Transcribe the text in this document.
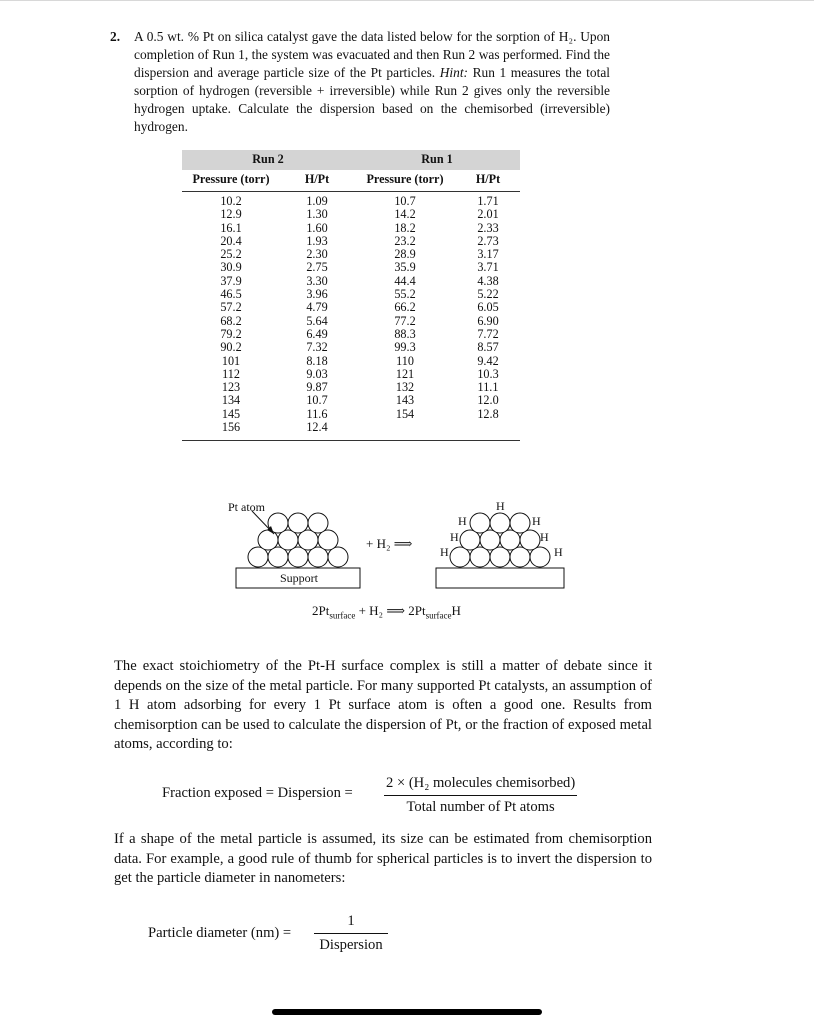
2. A 0.5 wt. % Pt on silica catalyst gave the data listed below for the sorption of H₂. Upon completion of Run 1, the system was evacuated and then Run 2 was performed. Find the dispersion and average particle size of the Pt particles. Hint: Run 1 measures the total sorption of hydrogen (reversible + irreversible) while Run 2 gives only the reversible hydrogen uptake. Calculate the dispersion based on the chemisorbed (irreversible) hydrogen.
Run 2		Run 1	
Pressure (torr)	H/Pt	Pressure (torr)	H/Pt
10.2	1.09	10.7	1.71
12.9	1.30	14.2	2.01
16.1	1.60	18.2	2.33
20.4	1.93	23.2	2.73
25.2	2.30	28.9	3.17
30.9	2.75	35.9	3.71
37.9	3.30	44.4	4.38
46.5	3.96	55.2	5.22
57.2	4.79	66.2	6.05
68.2	5.64	77.2	6.90
79.2	6.49	88.3	7.72
90.2	7.32	99.3	8.57
101	8.18	110	9.42
112	9.03	121	10.3
123	9.87	132	11.1
134	10.7	143	12.0
145	11.6	154	12.8
156	12.4		
Pt atom
Support
+ H₂ ⟹
H
H	H
H	H
H	H
$2Pt_{surface} + H_2$ ⟹ $2Pt_{surface}H$
The exact stoichiometry of the Pt-H surface complex is still a matter of debate since it depends on the size of the metal particle. For many supported Pt catalysts, an assumption of 1 H atom adsorbing for every 1 Pt surface atom is often a good one. Results from chemisorption can be used to calculate the dispersion of Pt, or the fraction of exposed metal atoms, according to:
Fraction exposed = Dispersion =
2 × (H₂ molecules chemisorbed)
Total number of Pt atoms
If a shape of the metal particle is assumed, its size can be estimated from chemisorption data. For example, a good rule of thumb for spherical particles is to invert the dispersion to get the particle diameter in nanometers:
Particle diameter (nm) =
1
Dispersion
